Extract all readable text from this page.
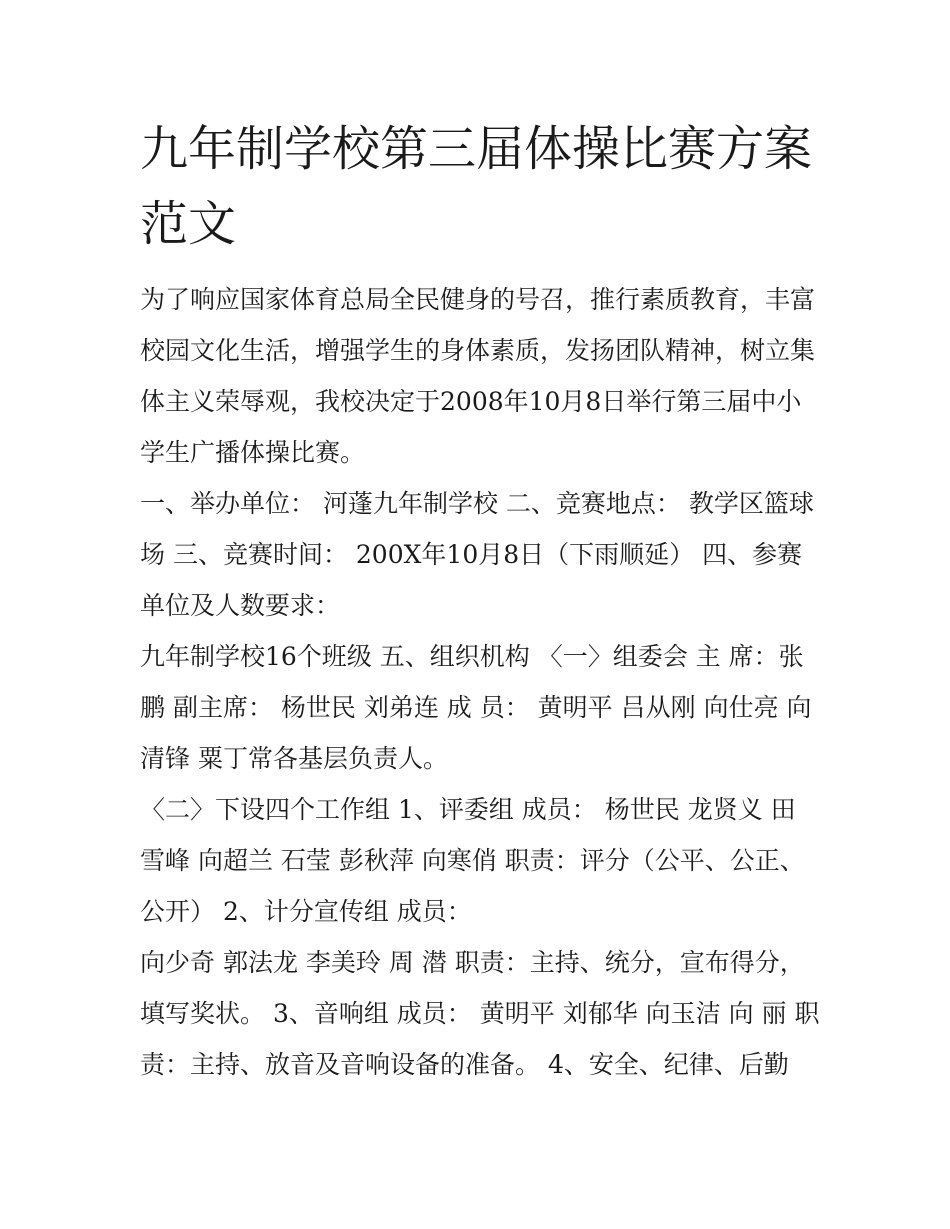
九年制学校第三届体操比赛方案范文

为了响应国家体育总局全民健身的号召，推行素质教育，丰富校园文化生活，增强学生的身体素质，发扬团队精神，树立集体主义荣辱观，我校决定于2008年10月8日举行第三届中小学生广播体操比赛。

一、举办单位： 河蓬九年制学校 二、竞赛地点： 教学区篮球场 三、竞赛时间： 200X年10月8日（下雨顺延） 四、参赛单位及人数要求：

九年制学校16个班级 五、组织机构 〈一〉组委会 主 席：张鹏 副主席： 杨世民 刘弟连 成 员： 黄明平 吕从刚 向仕亮 向清锋 粟丁常各基层负责人。

〈二〉下设四个工作组 1、评委组 成员： 杨世民 龙贤义 田雪峰 向超兰 石莹 彭秋萍 向寒俏 职责：评分（公平、公正、公开） 2、计分宣传组 成员：

向少奇 郭法龙 李美玲 周 潜 职责：主持、统分，宣布得分，填写奖状。 3、音响组 成员： 黄明平 刘郁华 向玉洁 向 丽 职责：主持、放音及音响设备的准备。 4、安全、纪律、后勤
